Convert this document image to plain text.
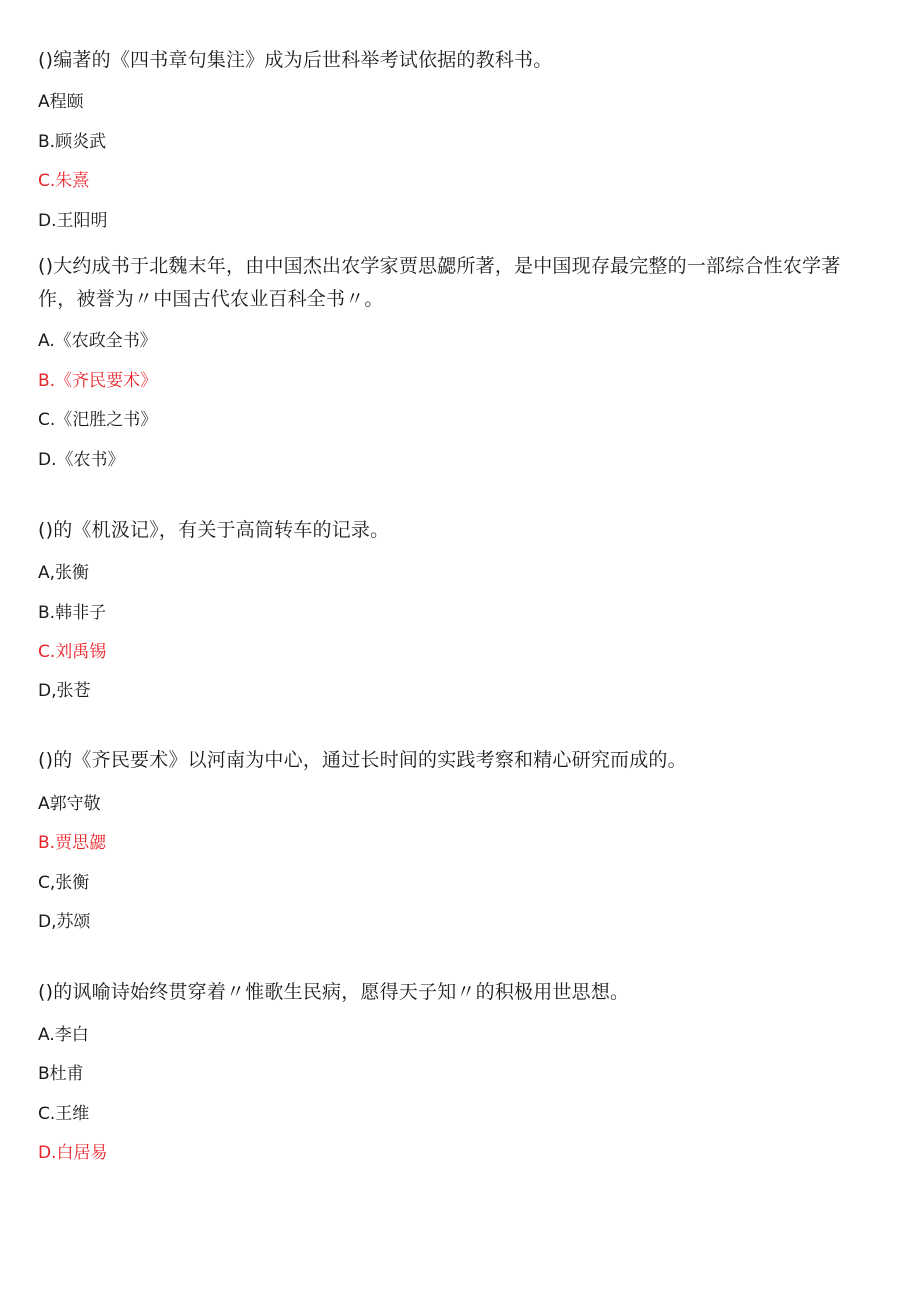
()编著的《四书章句集注》成为后世科举考试依据的教科书。

A程颐
B.顾炎武
C.朱熹
D.王阳明

()大约成书于北魏末年，由中国杰出农学家贾思勰所著，是中国现存最完整的一部综合性农学著作，被誉为〃中国古代农业百科全书〃。

A.《农政全书》
B.《齐民要术》
C.《汜胜之书》
D.《农书》

()的《机汲记》，有关于高筒转车的记录。

A,张衡
B.韩非子
C.刘禹锡
D,张苍

()的《齐民要术》以河南为中心，通过长时间的实践考察和精心研究而成的。

A郭守敬
B.贾思勰
C,张衡
D,苏颂

()的讽喻诗始终贯穿着〃惟歌生民病，愿得天子知〃的积极用世思想。

A.李白
B杜甫
C.王维
D.白居易
